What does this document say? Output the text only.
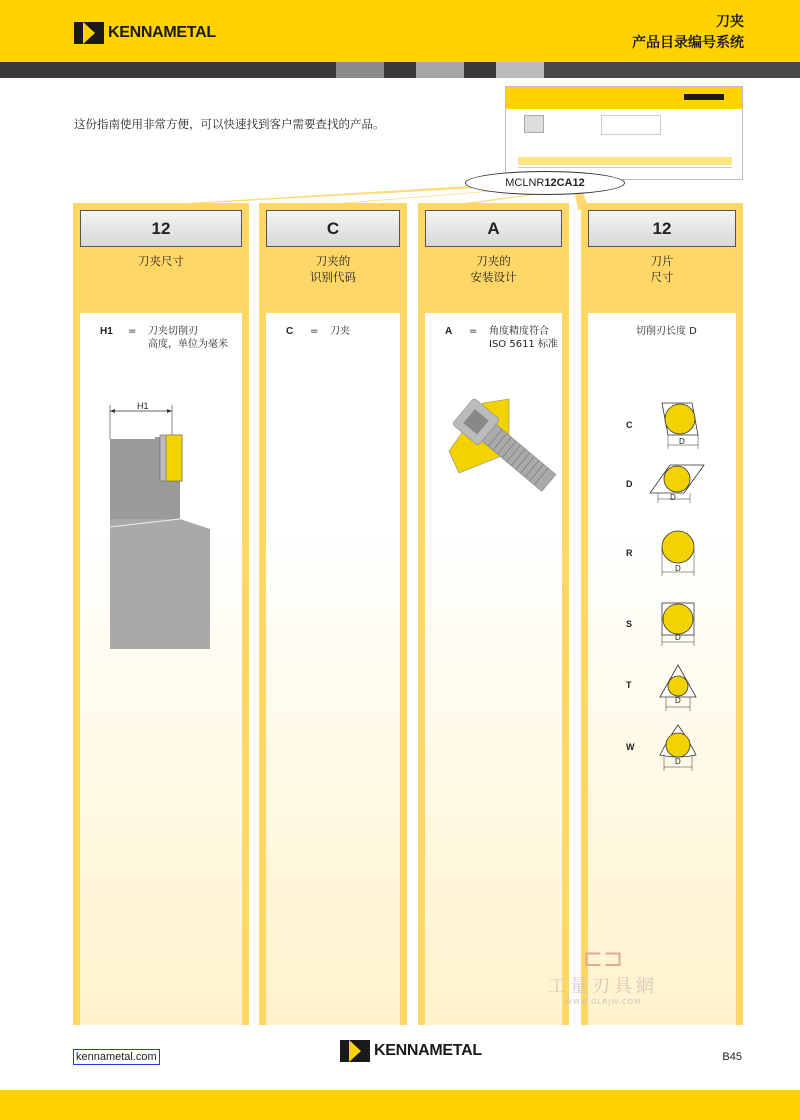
KENNAMETAL
刀夹
产品目录编号系统
这份指南使用非常方便，可以快速找到客户需要查找的产品。
MCLNR12CA12
12
刀夹尺寸
H1 = 刀夹切削刃
高度，单位为毫米
H1
C
刀夹的
识别代码
C = 刀夹
A
刀夹的
安装设计
A = 角度精度符合
ISO 5611 标准
12
刀片
尺寸
切削刃长度 D
C
D
D
D
R
D
S
D
T
D
W
D
⊏⊐
工量刃具網
WWW.GLRJW.COM
kennametal.com	KENNAMETAL	B45
